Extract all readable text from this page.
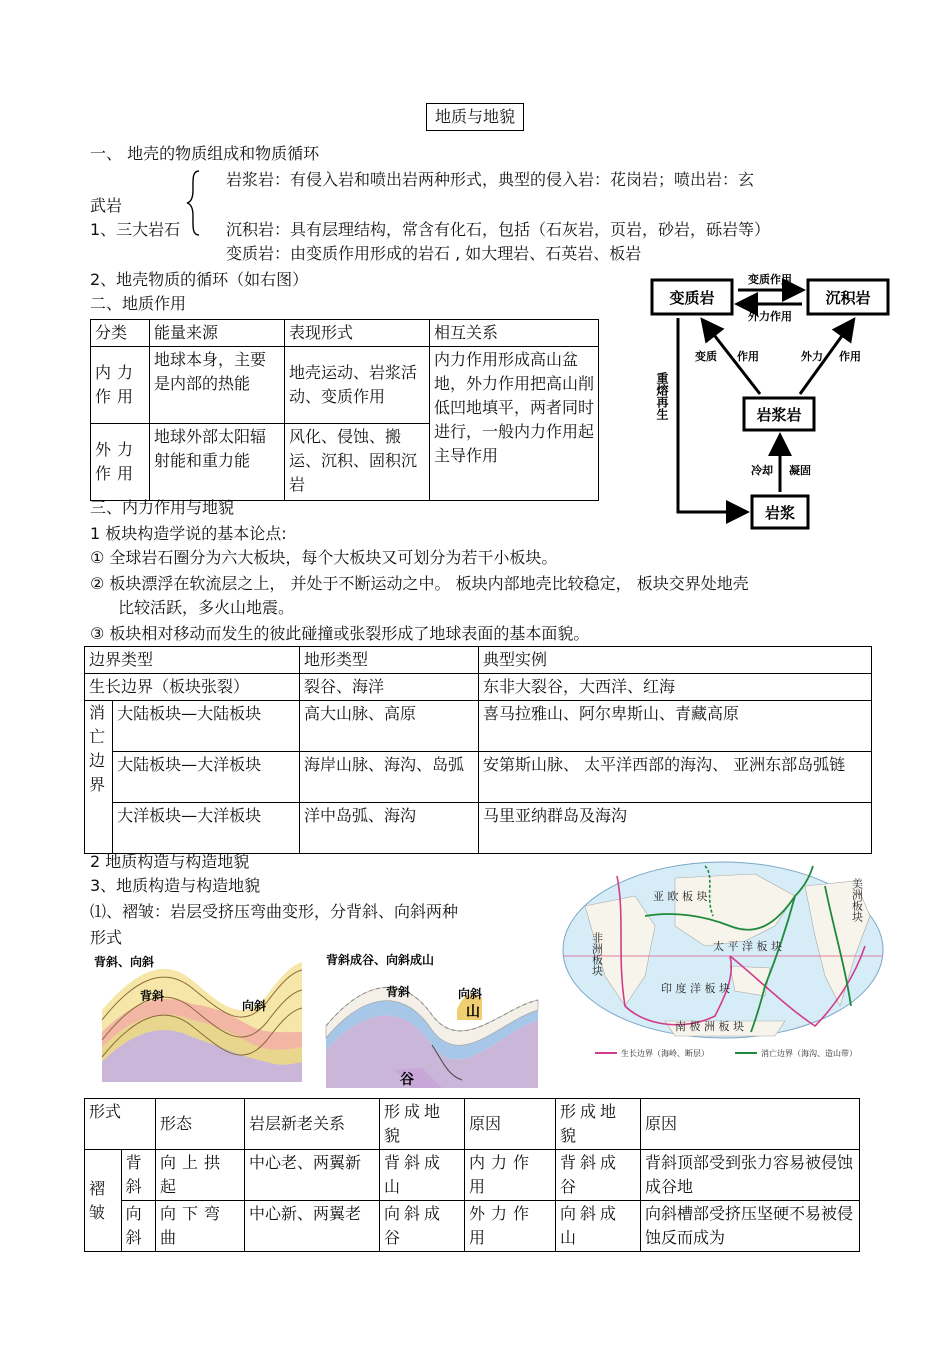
地质与地貌
一、 地壳的物质组成和物质循环
岩浆岩：有侵入岩和喷出岩两种形式，典型的侵入岩：花岗岩；喷出岩：玄
武岩
1、三大岩石	沉积岩：具有层理结构，常含有化石，包括（石灰岩，页岩，砂岩，砾岩等）
变质岩：由变质作用形成的岩石 , 如大理岩、石英岩、板岩
2、地壳物质的循环（如右图）
二、地质作用
分类	能量来源	表现形式	相互关系
内力作用	地球本身，主要是内部的热能	地壳运动、岩浆活动、变质作用	内力作用形成高山盆地，外力作用把高山削低凹地填平，两者同时进行，一般内力作用起主导作用
外力作用	地球外部太阳辐射能和重力能	风化、侵蚀、搬运、沉积、固积沉岩	
变质岩	沉积岩
岩浆岩
岩浆
变质作用
外力作用
变质 作用	外力 作用
冷却 凝固
重熔再生
三、内力作用与地貌
1 板块构造学说的基本论点:
① 全球岩石圈分为六大板块，每个大板块又可划分为若干小板块。
② 板块漂浮在软流层之上， 并处于不断运动之中。 板块内部地壳比较稳定， 板块交界处地壳
比较活跃，多火山地震。
③ 板块相对移动而发生的彼此碰撞或张裂形成了地球表面的基本面貌。
边界类型		地形类型	典型实例
生长边界（板块张裂）		裂谷、海洋	东非大裂谷，大西洋、红海
消亡边界	大陆板块—大陆板块	高大山脉、高原	喜马拉雅山、阿尔卑斯山、青藏高原
	大陆板块—大洋板块	海岸山脉、海沟、岛弧	安第斯山脉、 太平洋西部的海沟、 亚洲东部岛弧链
	大洋板块—大洋板块	洋中岛弧、海沟	马里亚纳群岛及海沟
2 地质构造与构造地貌
3、地质构造与构造地貌
⑴、褶皱：岩层受挤压弯曲变形，分背斜、向斜两种
形式
背斜、向斜
背斜
向斜
背斜成谷、向斜成山
背斜	向斜
山
谷
亚 欧 板 块
非洲板块	太 平 洋 板 块
印 度 洋 板 块
南 极 洲 板 块
美洲板块
生长边界（海岭、断层）	消亡边界（海沟、造山带）
形式		形态	岩层新老关系	形成地貌	原因	形成地貌	原因
褶皱	背斜	向上拱起	中心老、两翼新	背斜成山	内力作用	背斜成谷	背斜顶部受到张力容易被侵蚀成谷地
	向斜	向下弯曲	中心新、两翼老	向斜成谷	外力作用	向斜成山	向斜槽部受挤压坚硬不易被侵蚀反而成为
